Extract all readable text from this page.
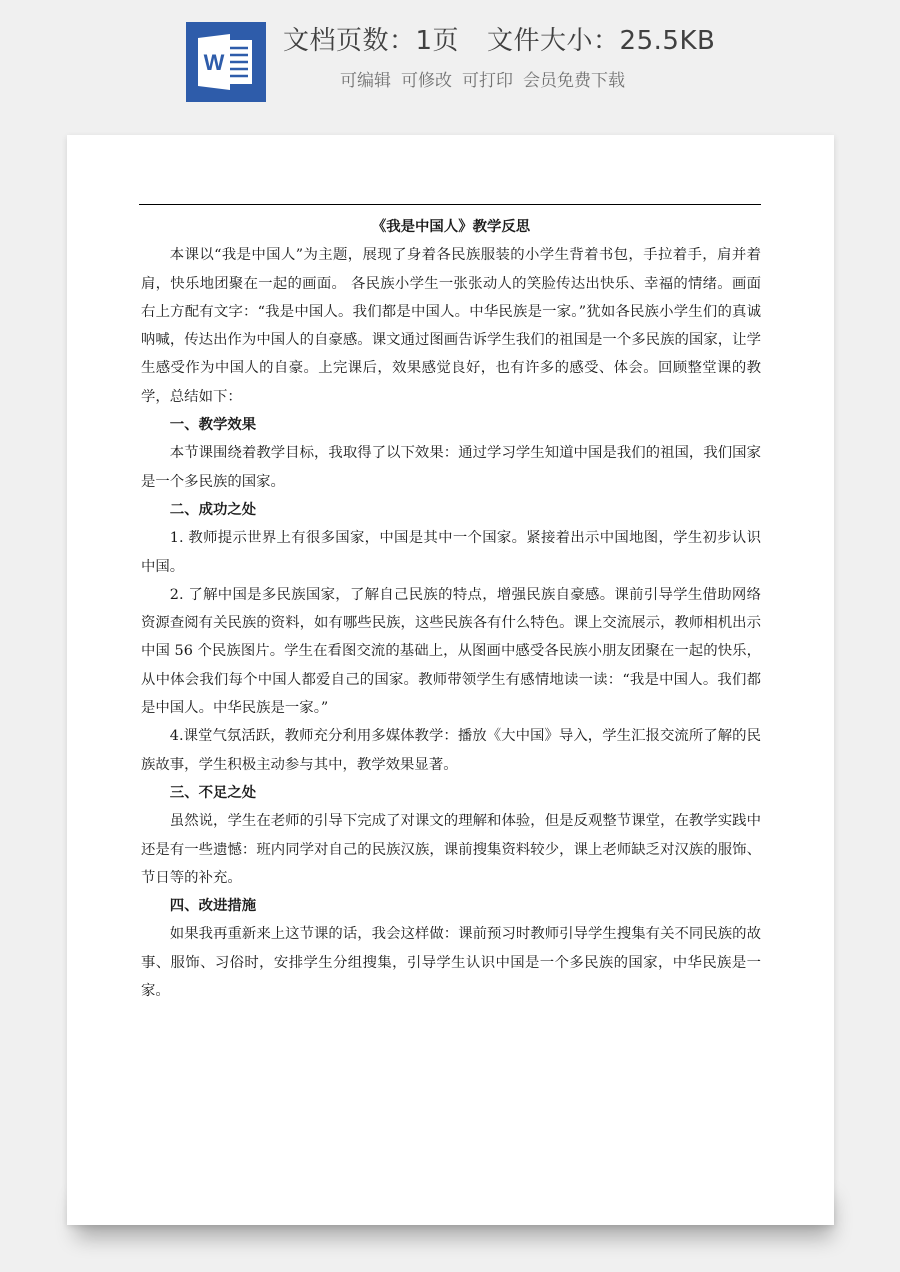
W
文档页数：1页 文件大小：25.5KB
可编辑 可修改 可打印 会员免费下载

《我是中国人》教学反思

本课以“我是中国人”为主题，展现了身着各民族服装的小学生背着书包，手拉着手，肩并着肩，快乐地团聚在一起的画面。 各民族小学生一张张动人的笑脸传达出快乐、幸福的情绪。画面右上方配有文字：“我是中国人。我们都是中国人。中华民族是一家。”犹如各民族小学生们的真诚呐喊，传达出作为中国人的自豪感。课文通过图画告诉学生我们的祖国是一个多民族的国家，让学生感受作为中国人的自豪。上完课后，效果感觉良好，也有许多的感受、体会。回顾整堂课的教学，总结如下：

一、教学效果

本节课围绕着教学目标，我取得了以下效果：通过学习学生知道中国是我们的祖国，我们国家是一个多民族的国家。

二、成功之处

1. 教师提示世界上有很多国家，中国是其中一个国家。紧接着出示中国地图，学生初步认识中国。

2. 了解中国是多民族国家，了解自己民族的特点，增强民族自豪感。课前引导学生借助网络资源查阅有关民族的资料，如有哪些民族，这些民族各有什么特色。课上交流展示，教师相机出示中国 56 个民族图片。学生在看图交流的基础上，从图画中感受各民族小朋友团聚在一起的快乐，从中体会我们每个中国人都爱自己的国家。教师带领学生有感情地读一读：“我是中国人。我们都是中国人。中华民族是一家。”

4.课堂气氛活跃，教师充分利用多媒体教学：播放《大中国》导入，学生汇报交流所了解的民族故事，学生积极主动参与其中，教学效果显著。

三、不足之处

虽然说，学生在老师的引导下完成了对课文的理解和体验，但是反观整节课堂，在教学实践中还是有一些遗憾：班内同学对自己的民族汉族，课前搜集资料较少，课上老师缺乏对汉族的服饰、节日等的补充。

四、改进措施

如果我再重新来上这节课的话，我会这样做：课前预习时教师引导学生搜集有关不同民族的故事、服饰、习俗时，安排学生分组搜集，引导学生认识中国是一个多民族的国家，中华民族是一家。
